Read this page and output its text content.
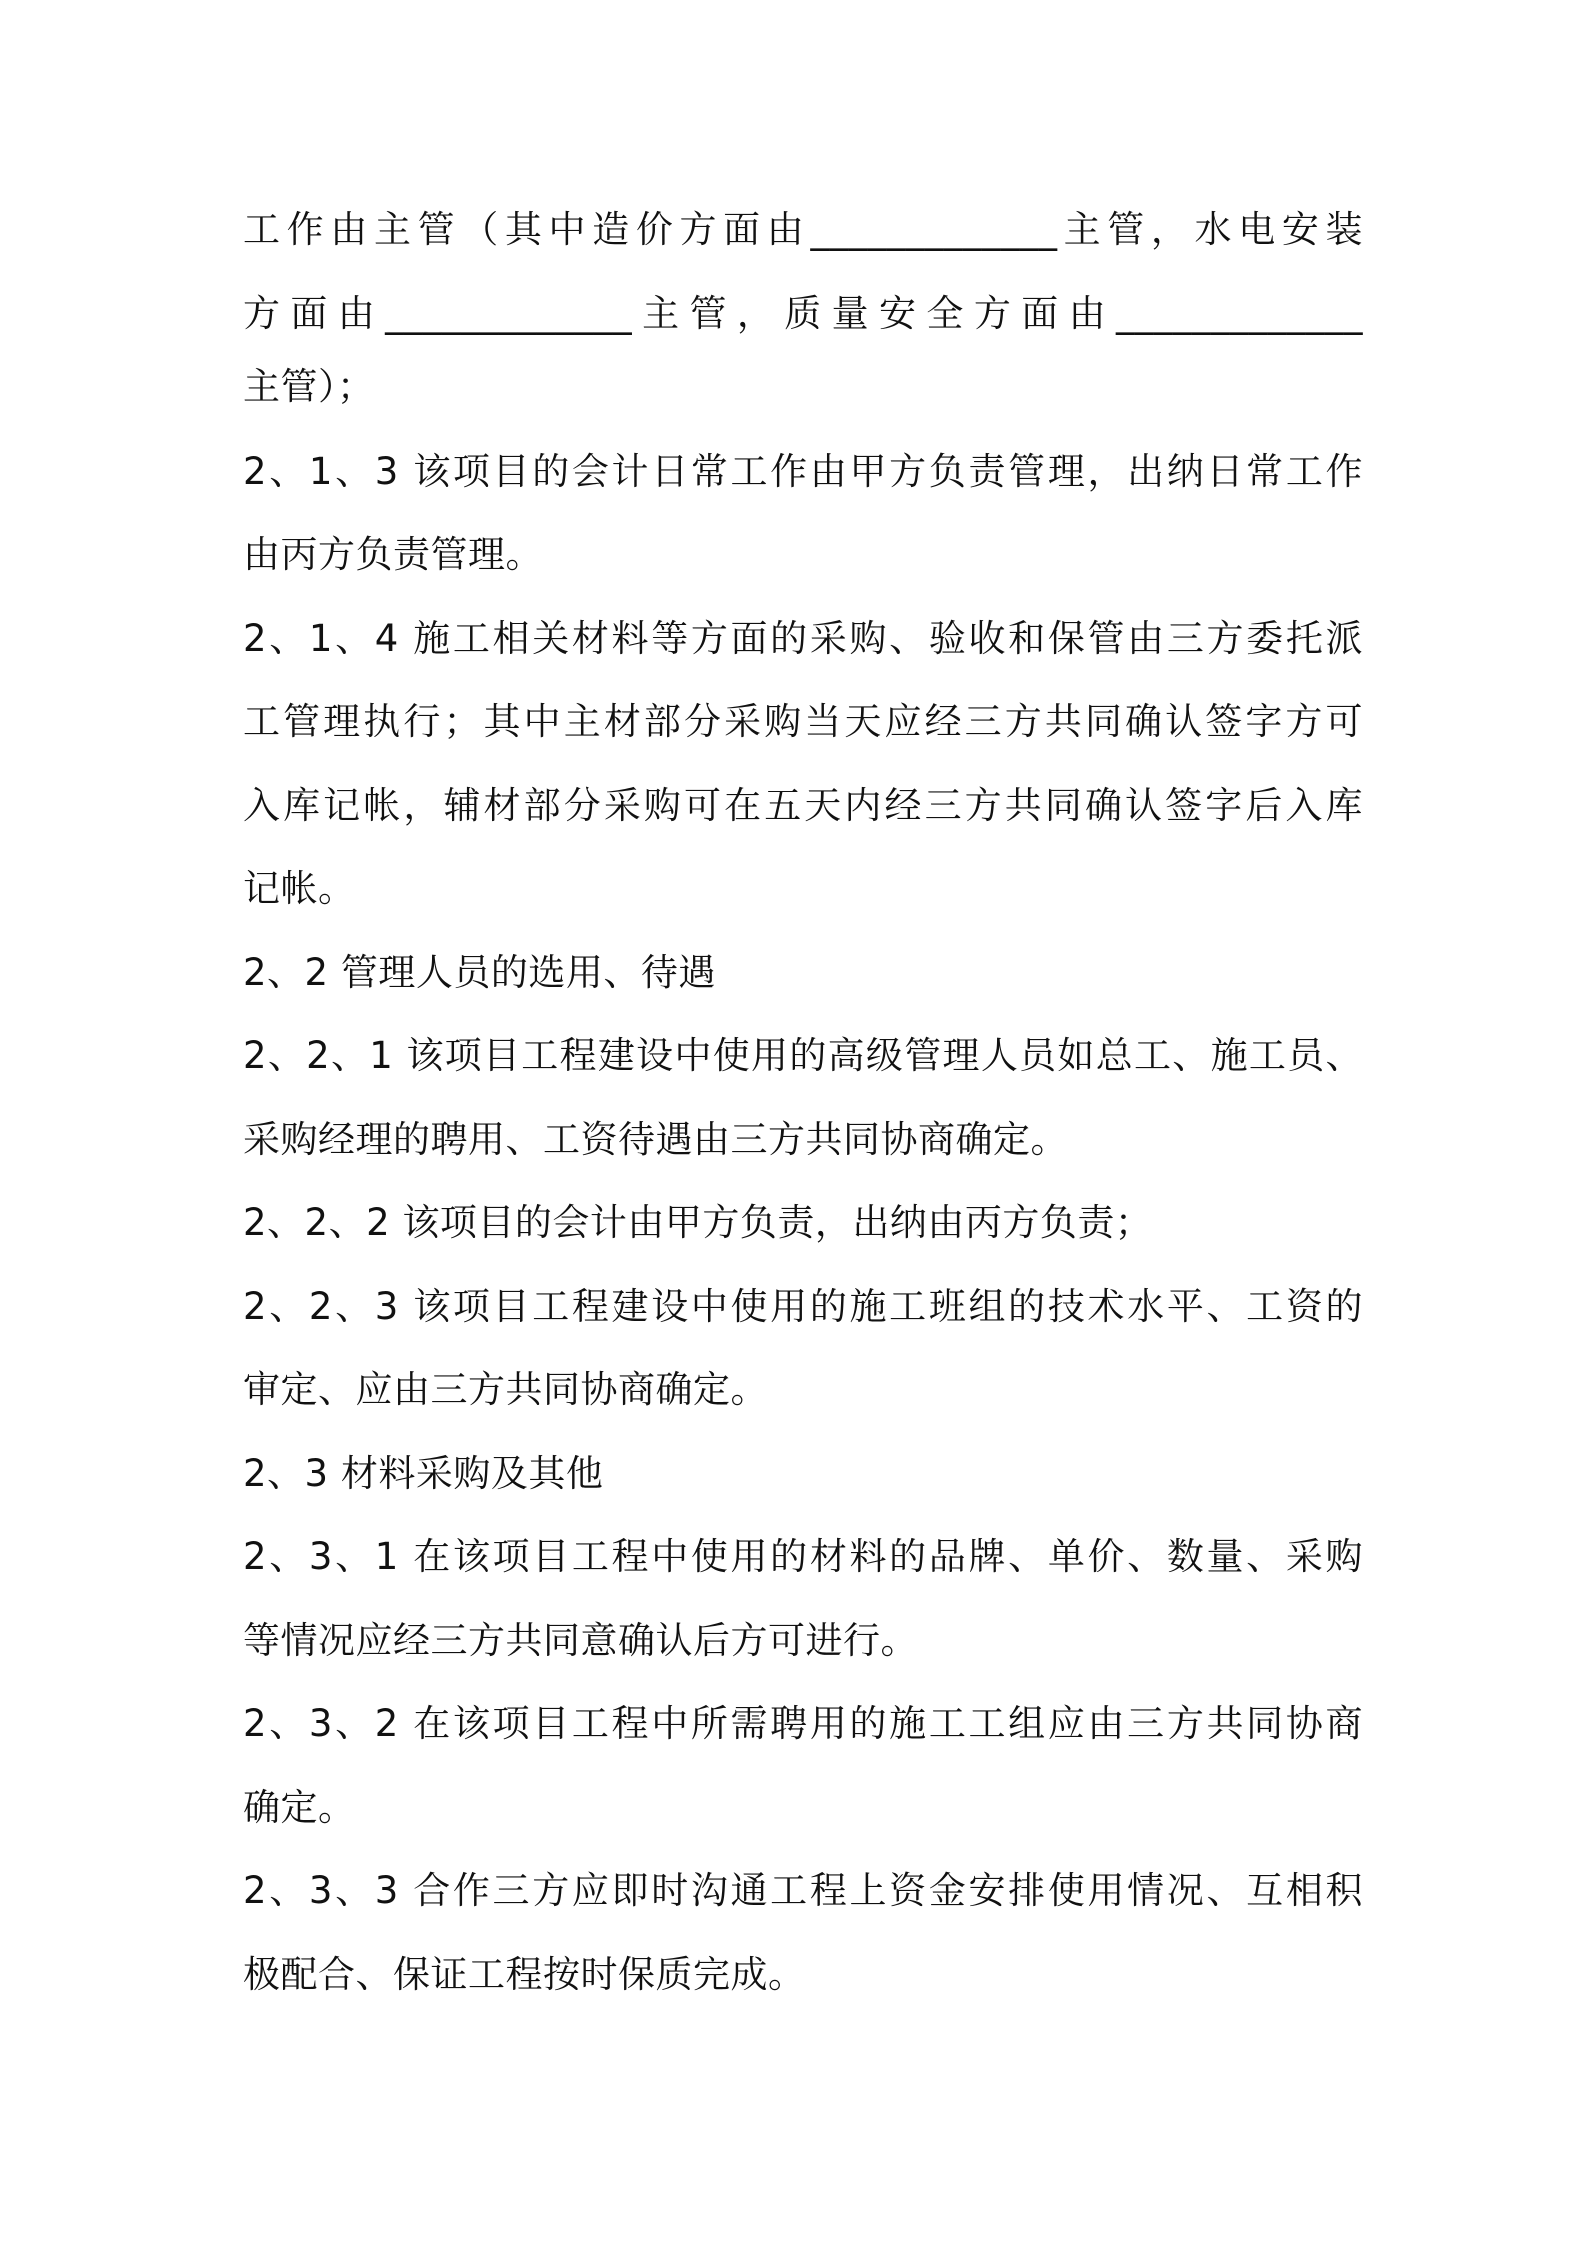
工作由主管（其中造价方面由_____________主管，水电安装
方面由_____________主管，质量安全方面由_____________
主管）；
2、1、3 该项目的会计日常工作由甲方负责管理，出纳日常工作
由丙方负责管理。
2、1、4 施工相关材料等方面的采购、验收和保管由三方委托派
工管理执行；其中主材部分采购当天应经三方共同确认签字方可
入库记帐，辅材部分采购可在五天内经三方共同确认签字后入库
记帐。
2、2 管理人员的选用、待遇
2、2、1 该项目工程建设中使用的高级管理人员如总工、施工员、
采购经理的聘用、工资待遇由三方共同协商确定。
2、2、2 该项目的会计由甲方负责，出纳由丙方负责；
2、2、3 该项目工程建设中使用的施工班组的技术水平、工资的
审定、应由三方共同协商确定。
2、3 材料采购及其他
2、3、1 在该项目工程中使用的材料的品牌、单价、数量、采购
等情况应经三方共同意确认后方可进行。
2、3、2 在该项目工程中所需聘用的施工工组应由三方共同协商
确定。
2、3、3 合作三方应即时沟通工程上资金安排使用情况、互相积
极配合、保证工程按时保质完成。
